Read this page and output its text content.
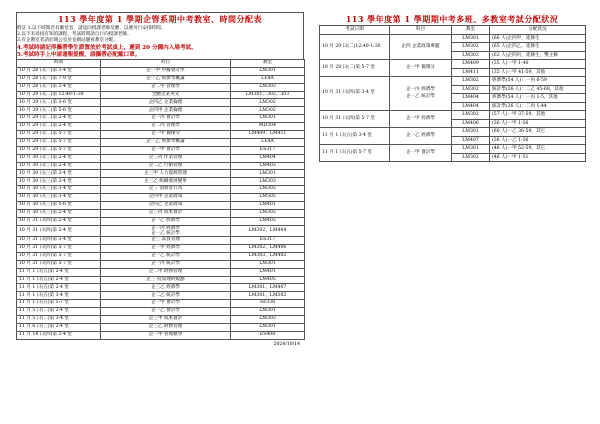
113 學年度第 1 學期企管系期中考教室、時間分配表
附註 1.以下時間若有衝堂者，請逕向授課老師反應，以便另行安排時間。
2.以下未尋找有知的課程，考試時間請自行向授課老師。
3.有企教室者請於開公室於長網站題看教室分配。
4.考試時請記得攜帶學生證置放於考試桌上，遲到 20 分鐘內入場考試。
5.考試時手上申請通報提醒，請攜帶必配戴口罩。
時間	科目	教室
10 月 28 日(一)第 3-4 堂	企一甲 中級會計學	LM301
10 月 28 日(一)第 7-9 堂	企一乙 經濟學概論	LE4A
10 月 28 日(一)第 2-4 堂	企二甲 管理學	LM302
10 月 29 日(二)第 12:40-1:30	全體企業英文	LM301、302、303
10 月 29 日(二)第 3-6 堂	企四乙 企業倫理	LM302
10 月 29 日(二)第 5-6 堂	企四甲 企業倫理	LM302
10 月 29 日(二)第 2-4 堂	企一丙 會計學	LM301
10 月 29 日(二)第 2-4 堂	企二丙 管理學	MD304
10 月 29 日(二)第 5-7 堂	企一甲 微積分	LM409、LM411
10 月 29 日(二)第 5-7 堂	企一乙 經濟學概論	LE4A
10 月 29 日(二)第 5-7 堂	企一甲 會計學	ES317
10 月 30 日(三)第 2-4 堂	企三丙 作業管理	LM404
10 月 30 日(三)第 2-4 堂	企二乙 行銷管理	LM402
10 月 30 日(三)第 3-4 堂	企三甲 人力資源管理	LM301
10 月 30 日(三)第 3-4 堂	企三乙 組織發展變革	LM303
10 月 30 日(三)第 3-4 堂	企三 消費者行為	LM302
10 月 30 日(三)第 3-4 堂	企四甲 企業政策	LM505
10 月 30 日(三)第 5-6 堂	企四乙 企業政策	LM401
10 月 30 日(三)第 2-4 堂	企三丙 成本會計	LM302
10 月 31 日(四)第 2-4 堂	企一乙 經濟學	LM402
10 月 31 日(四)第 2-4 堂	企一丙 經濟學
企一乙 統計學	LM302、LM404
10 月 31 日(四)第 3-4 堂	企三 品質管理	ES317
10 月 31 日(四)第 5-7 堂	企一甲 經濟學	LM302、LM406
10 月 31 日(四)第 5-7 堂	企一乙 統計學	LM303、LM402
10 月 31 日(四)第 5-7 堂	企一丙 統計學	LM301
11 月 1 日(五)第 2-4 堂	企二甲 財務管理	LM401
11 月 1 日(五)第 2-4 堂	企三 投資理財規劃	LM405
11 月 1 日(五)第 2-4 堂	企三乙 經濟學	LM301、LM407
11 月 1 日(五)第 3-4 堂	企二乙 統計學	LM301、LM302
11 月 1 日(五)第 5-7 堂	企一甲 會計學	SF338
11 月 5 日(二)第 2-4 堂	企一乙 會計學	LM301
11 月 5 日(二)第 3-4 堂	企三甲 成本會計	LM302
11 月 6 日(三)第 2-4 堂	企三乙 財務管理	LM301
11 月 14 日(四)第 2-4 堂	企一甲 管理數學	ES408
2024/10/14
113 學年度第 1 學期期中考多班、多教室考試分配狀況
考試日期	科目	教室	分配狀況
10 月 29 日(二)12:40-1:30	企四 企業政策專題	LM301	(66 人)企四甲，延修生
		LM302	(65 人)企四乙，延修生
		LM303	(62 人)企四丙，延修生，雙主修
10 月 29 日(二)第 5-7 堂	企一甲 微積分	LM409	(35 人)一甲 1-40
		LM411	(35 人)一甲 41-59，其他
10 月 31 日(四)第 3-4 堂	企一丙 經濟學
企一乙 統計學	LM302	經濟學(54 人)：一丙 6-59
		LM302	統計學(26 人)：二乙 45-68，其他
		LM404	經濟學(54 人)：一丙 1-5，其他
		LM404	統計學(26 人)：二丙 1-44
10 月 31 日(四)第 5-7 堂	企一甲 經濟學	LM302	(57 人)一甲 37-59，其他
		LM406	(36 人)一甲 1-36
11 月 1 日(五)第 3-4 堂	企一乙 經濟學	LM301	(60 人)一乙 36-59，其它
		LM407	(36 人)一乙 1-36
11 月 1 日(五)第 5-7 堂	企一甲 會計學	LM301	(46 人)一甲 52-59，其它
		LM302	(46 人)一甲 1-51
